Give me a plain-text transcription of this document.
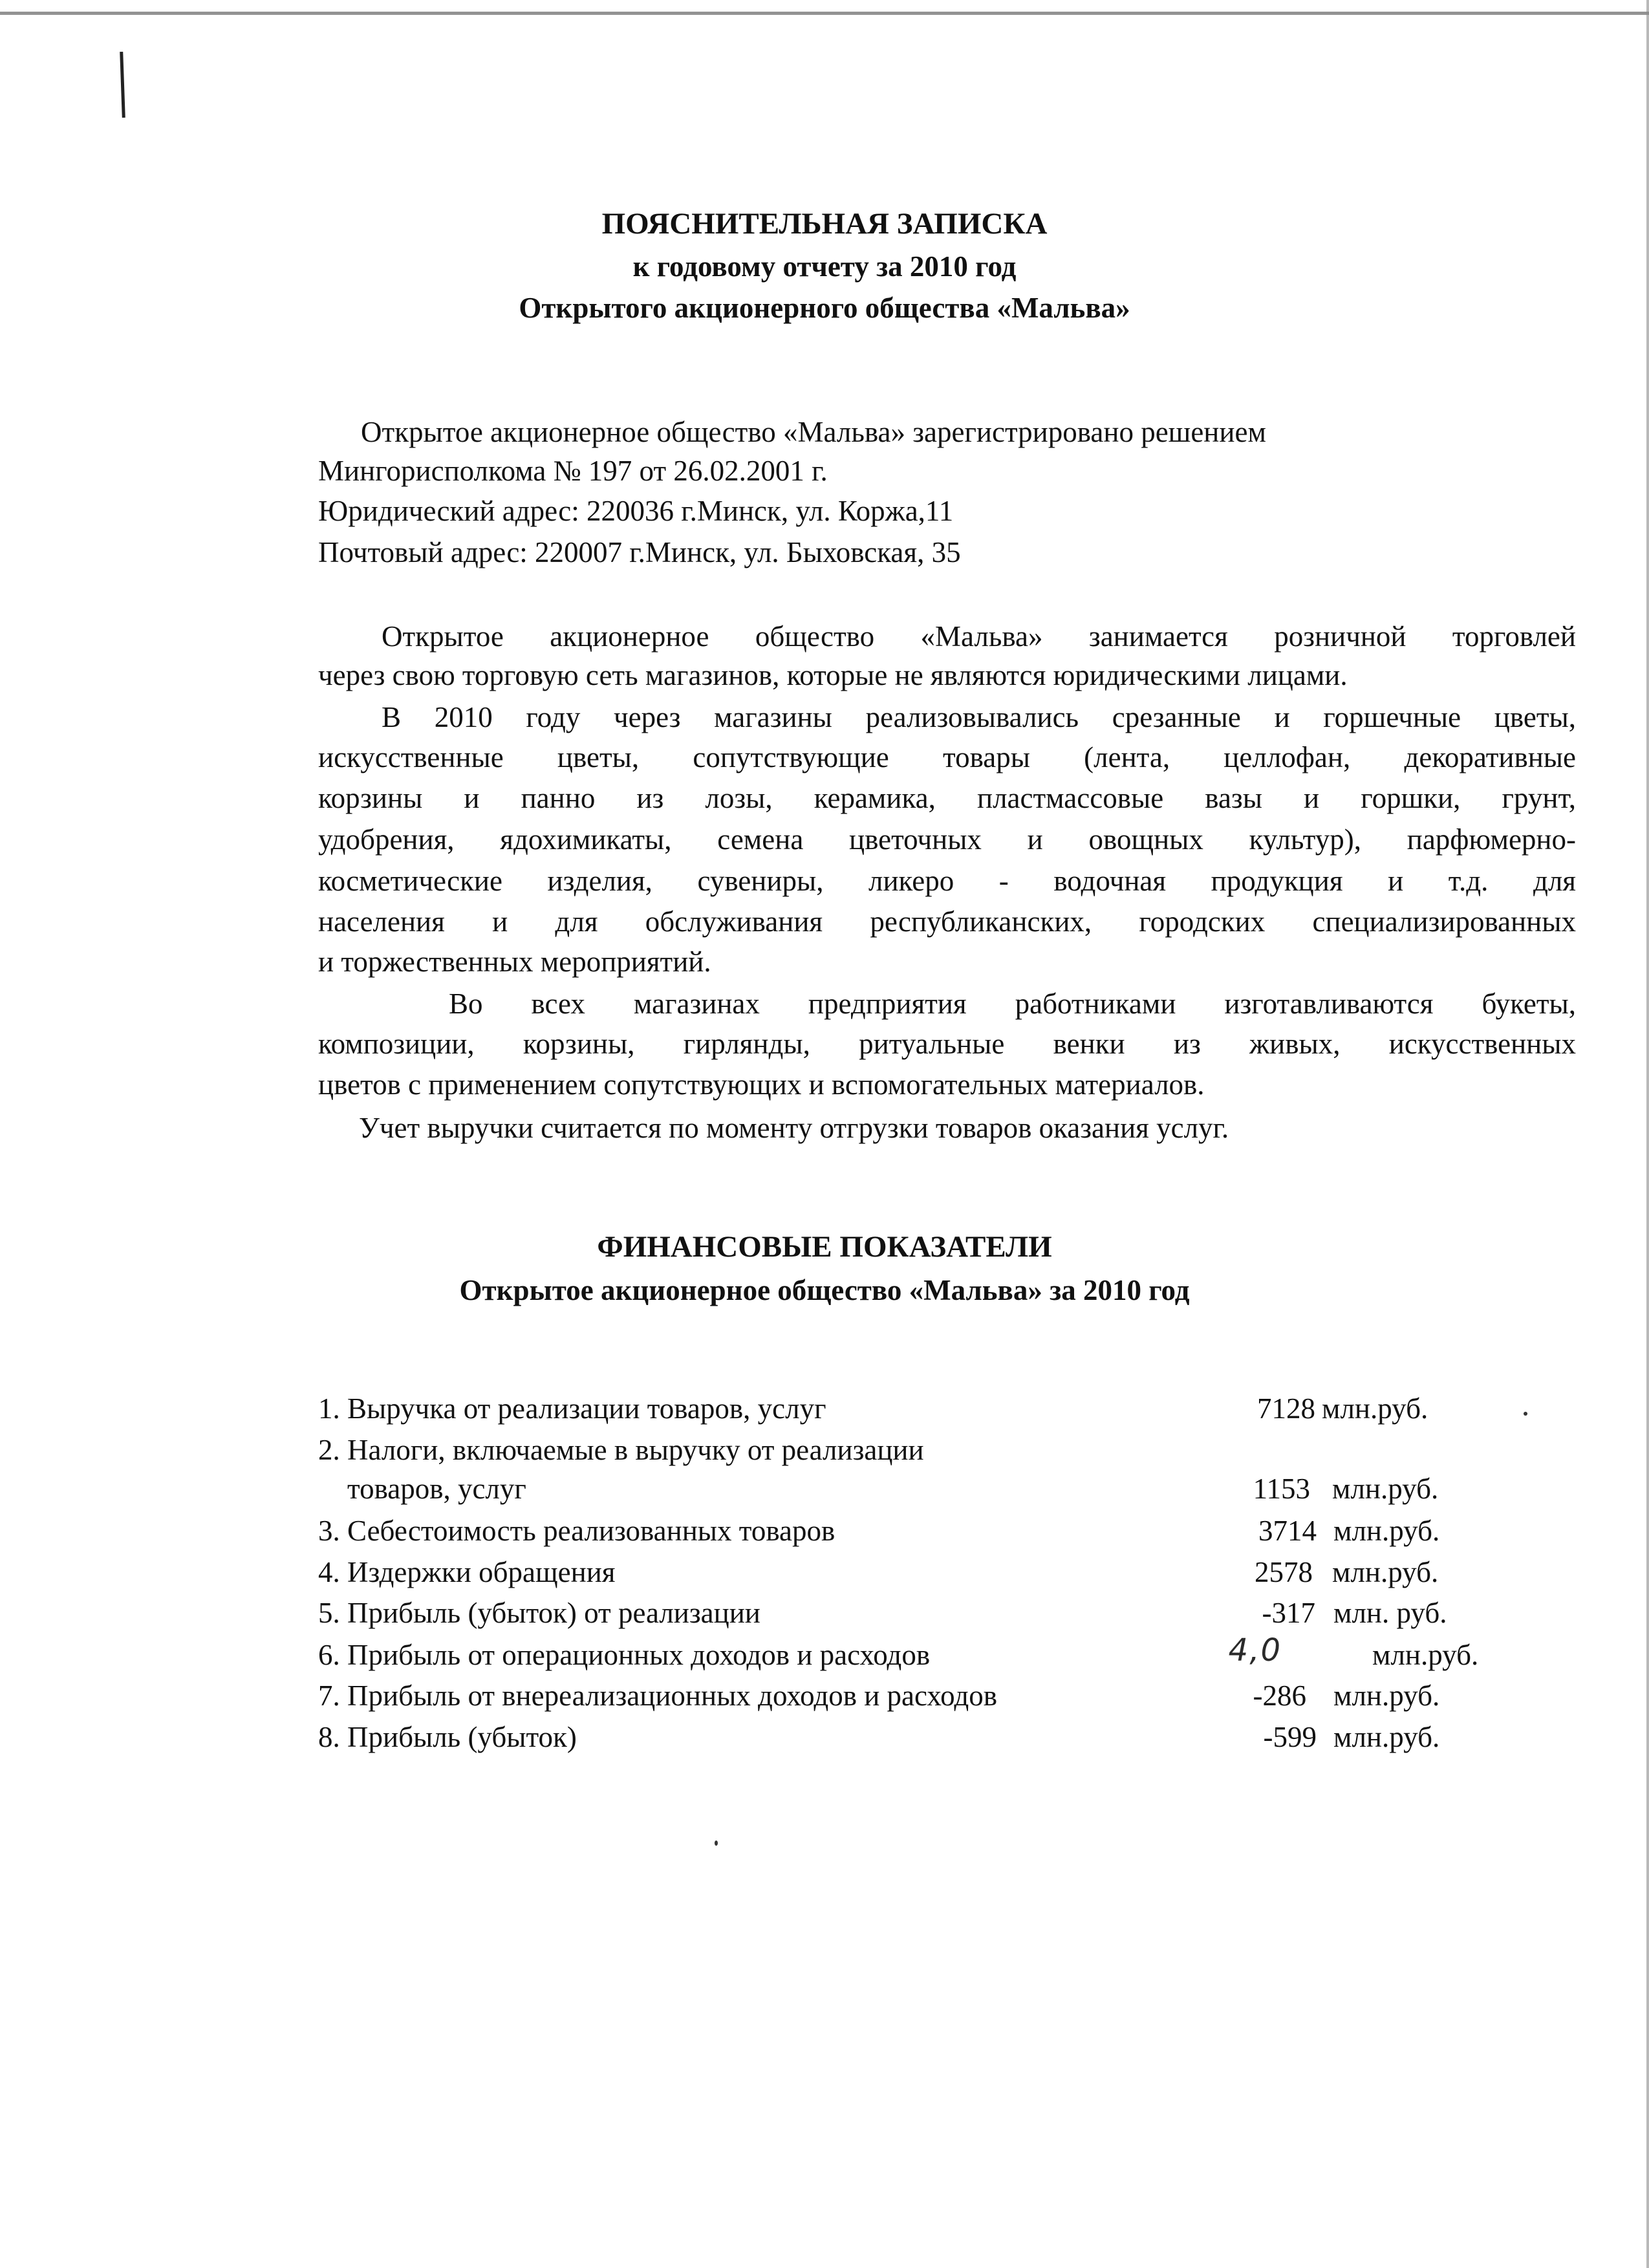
ПОЯСНИТЕЛЬНАЯ ЗАПИСКА

к годовому отчету за 2010 год

Открытого акционерного общества «Мальва»

Открытое акционерное общество «Мальва» зарегистрировано решением

Мингорисполкома № 197 от 26.02.2001 г.

Юридический адрес: 220036 г.Минск, ул. Коржа,11

Почтовый адрес: 220007 г.Минск, ул. Быховская, 35

Открытое акционерное общество «Мальва» занимается розничной торговлей

через свою торговую сеть магазинов, которые не являются юридическими лицами.

В 2010 году через магазины реализовывались срезанные и горшечные цветы,

искусственные цветы, сопутствующие товары (лента, целлофан, декоративные

корзины и панно из лозы, керамика, пластмассовые вазы и горшки, грунт,

удобрения, ядохимикаты, семена цветочных и овощных культур), парфюмерно-

косметические изделия, сувениры, ликеро - водочная продукция и т.д. для

населения и для обслуживания республиканских, городских специализированных

и торжественных мероприятий.

Во всех магазинах предприятия работниками изготавливаются букеты,

композиции, корзины, гирлянды, ритуальные венки из живых, искусственных

цветов с применением сопутствующих и вспомогательных материалов.

Учет выручки считается по моменту отгрузки товаров оказания услуг.

ФИНАНСОВЫЕ ПОКАЗАТЕЛИ

Открытое акционерное общество «Мальва» за 2010 год

1. Выручка от реализации товаров, услуг	7128 млн.руб.

2. Налоги, включаемые в выручку от реализации

товаров, услуг	1153 млн.руб.

3. Себестоимость реализованных товаров	3714 млн.руб.

4. Издержки обращения	2578 млн.руб.

5. Прибыль (убыток) от реализации	-317 млн. руб.

6. Прибыль от операционных доходов и расходов	4,0	млн.руб.

7. Прибыль от внереализационных доходов и расходов	-286 млн.руб.

8. Прибыль (убыток)	-599 млн.руб.
